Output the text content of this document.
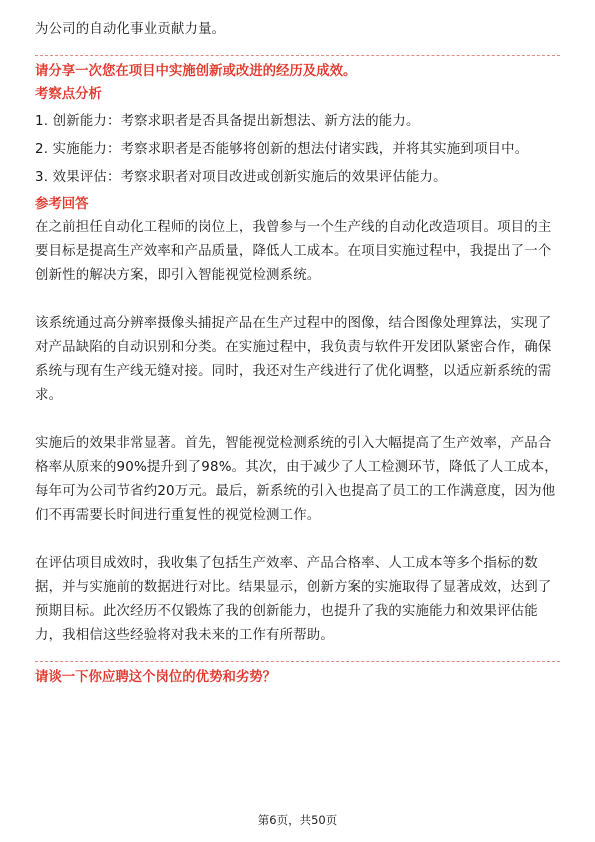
为公司的自动化事业贡献力量。

请分享一次您在项目中实施创新或改进的经历及成效。

考察点分析

1. 创新能力：考察求职者是否具备提出新想法、新方法的能力。

2. 实施能力：考察求职者是否能够将创新的想法付诸实践，并将其实施到项目中。

3. 效果评估：考察求职者对项目改进或创新实施后的效果评估能力。

参考回答

在之前担任自动化工程师的岗位上，我曾参与一个生产线的自动化改造项目。项目的主要目标是提高生产效率和产品质量，降低人工成本。在项目实施过程中，我提出了一个创新性的解决方案，即引入智能视觉检测系统。

该系统通过高分辨率摄像头捕捉产品在生产过程中的图像，结合图像处理算法，实现了对产品缺陷的自动识别和分类。在实施过程中，我负责与软件开发团队紧密合作，确保系统与现有生产线无缝对接。同时，我还对生产线进行了优化调整，以适应新系统的需求。

实施后的效果非常显著。首先，智能视觉检测系统的引入大幅提高了生产效率，产品合格率从原来的90%提升到了98%。其次，由于减少了人工检测环节，降低了人工成本，每年可为公司节省约20万元。最后，新系统的引入也提高了员工的工作满意度，因为他们不再需要长时间进行重复性的视觉检测工作。

在评估项目成效时，我收集了包括生产效率、产品合格率、人工成本等多个指标的数据，并与实施前的数据进行对比。结果显示，创新方案的实施取得了显著成效，达到了预期目标。此次经历不仅锻炼了我的创新能力，也提升了我的实施能力和效果评估能力，我相信这些经验将对我未来的工作有所帮助。

请谈一下你应聘这个岗位的优势和劣势？

第6页，共50页
